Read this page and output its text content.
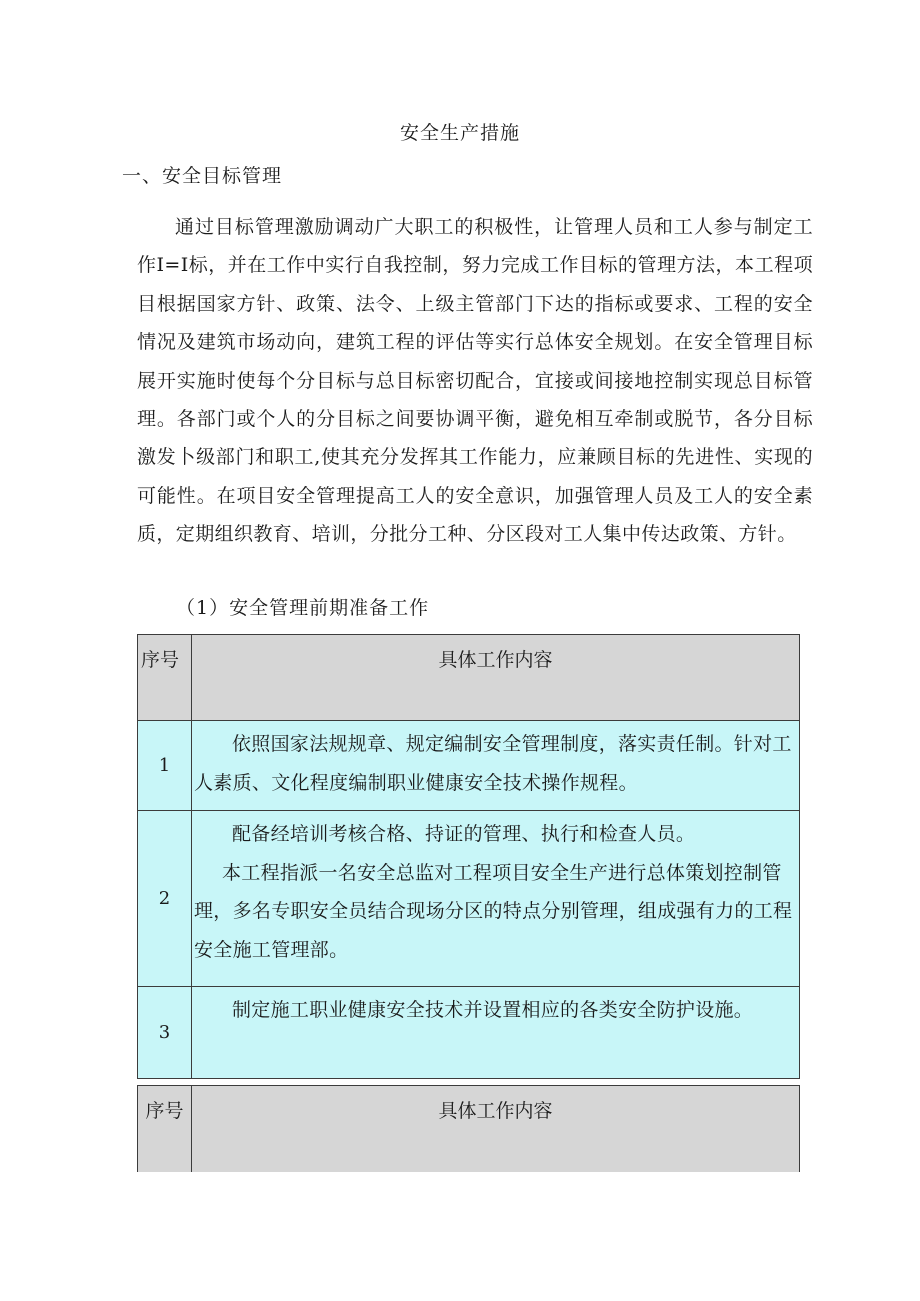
安全生产措施
一、安全目标管理
通过目标管理激励调动广大职工的积极性，让管理人员和工人参与制定工作I=I标，并在工作中实行自我控制，努力完成工作目标的管理方法，本工程项目根据国家方针、政策、法令、上级主管部门下达的指标或要求、工程的安全情况及建筑市场动向，建筑工程的评估等实行总体安全规划。在安全管理目标展开实施时使每个分目标与总目标密切配合，宜接或间接地控制实现总目标管理。各部门或个人的分目标之间要协调平衡，避免相互牵制或脱节，各分目标激发卜级部门和职工,使其充分发挥其工作能力，应兼顾目标的先进性、实现的可能性。在项目安全管理提高工人的安全意识，加强管理人员及工人的安全素质，定期组织教育、培训，分批分工种、分区段对工人集中传达政策、方针。
（1）安全管理前期准备工作
序号	具体工作内容
1	依照国家法规规章、规定编制安全管理制度，落实责任制。针对工人素质、文化程度编制职业健康安全技术操作规程。

2	配备经培训考核合格、持证的管理、执行和检查人员。

本工程指派一名安全总监对工程项目安全生产进行总体策划控制管理，多名专职安全员结合现场分区的特点分别管理，组成强有力的工程安全施工管理部。

3	制定施工职业健康安全技术并设置相应的各类安全防护设施。

序号	具体工作内容
